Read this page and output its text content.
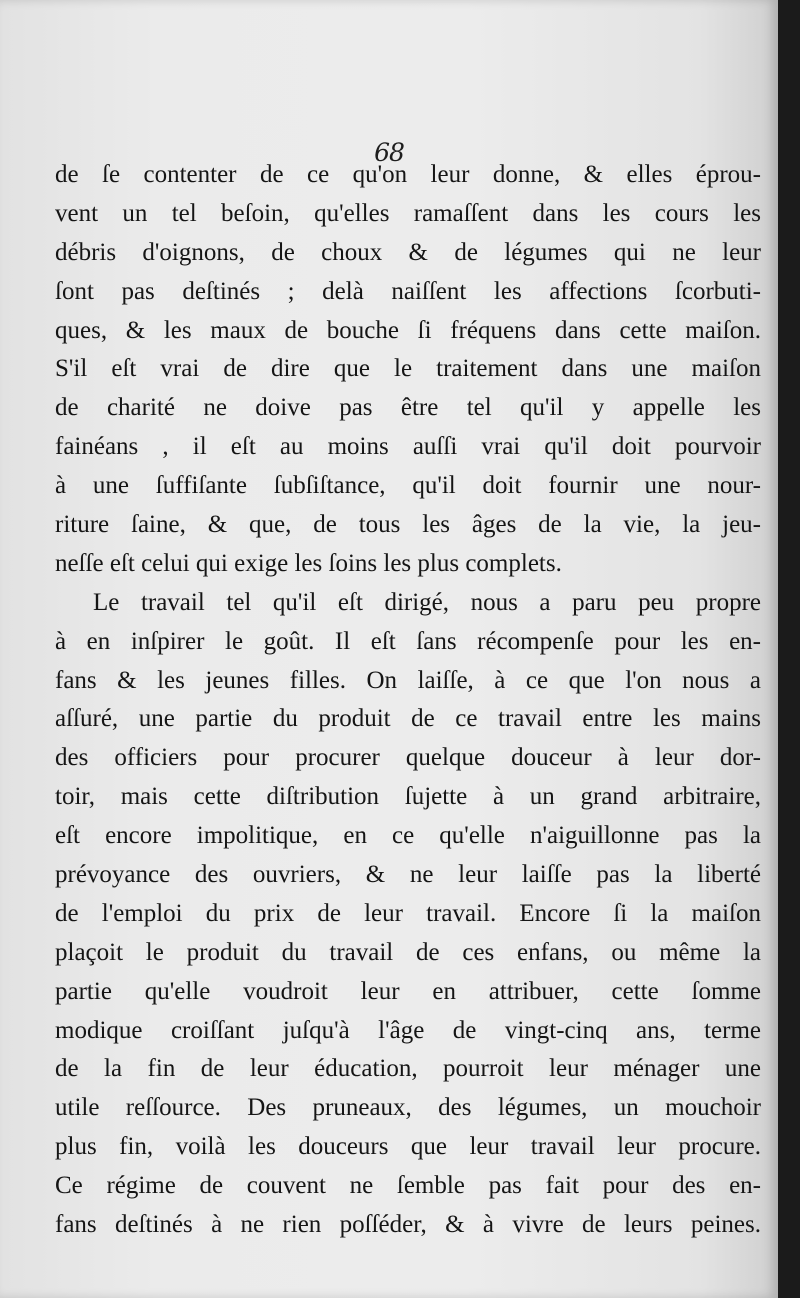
68
de ſe contenter de ce qu'on leur donne, & elles éprou-
vent un tel beſoin, qu'elles ramaſſent dans les cours les
débris d'oignons, de choux & de légumes qui ne leur
ſont pas deſtinés ; delà naiſſent les affections ſcorbuti-
ques, & les maux de bouche ſi fréquens dans cette maiſon.
S'il eſt vrai de dire que le traitement dans une maiſon
de charité ne doive pas être tel qu'il y appelle les
fainéans , il eſt au moins auſſi vrai qu'il doit pourvoir
à une ſuffiſante ſubſiſtance, qu'il doit fournir une nour-
riture ſaine, & que, de tous les âges de la vie, la jeu-
neſſe eſt celui qui exige les ſoins les plus complets.
Le travail tel qu'il eſt dirigé, nous a paru peu propre
à en inſpirer le goût. Il eſt ſans récompenſe pour les en-
fans & les jeunes filles. On laiſſe, à ce que l'on nous a
aſſuré, une partie du produit de ce travail entre les mains
des officiers pour procurer quelque douceur à leur dor-
toir, mais cette diſtribution ſujette à un grand arbitraire,
eſt encore impolitique, en ce qu'elle n'aiguillonne pas la
prévoyance des ouvriers, & ne leur laiſſe pas la liberté
de l'emploi du prix de leur travail. Encore ſi la maiſon
plaçoit le produit du travail de ces enfans, ou même la
partie qu'elle voudroit leur en attribuer, cette ſomme
modique croiſſant juſqu'à l'âge de vingt-cinq ans, terme
de la fin de leur éducation, pourroit leur ménager une
utile reſſource. Des pruneaux, des légumes, un mouchoir
plus fin, voilà les douceurs que leur travail leur procure.
Ce régime de couvent ne ſemble pas fait pour des en-
fans deſtinés à ne rien poſſéder, & à vivre de leurs peines.
